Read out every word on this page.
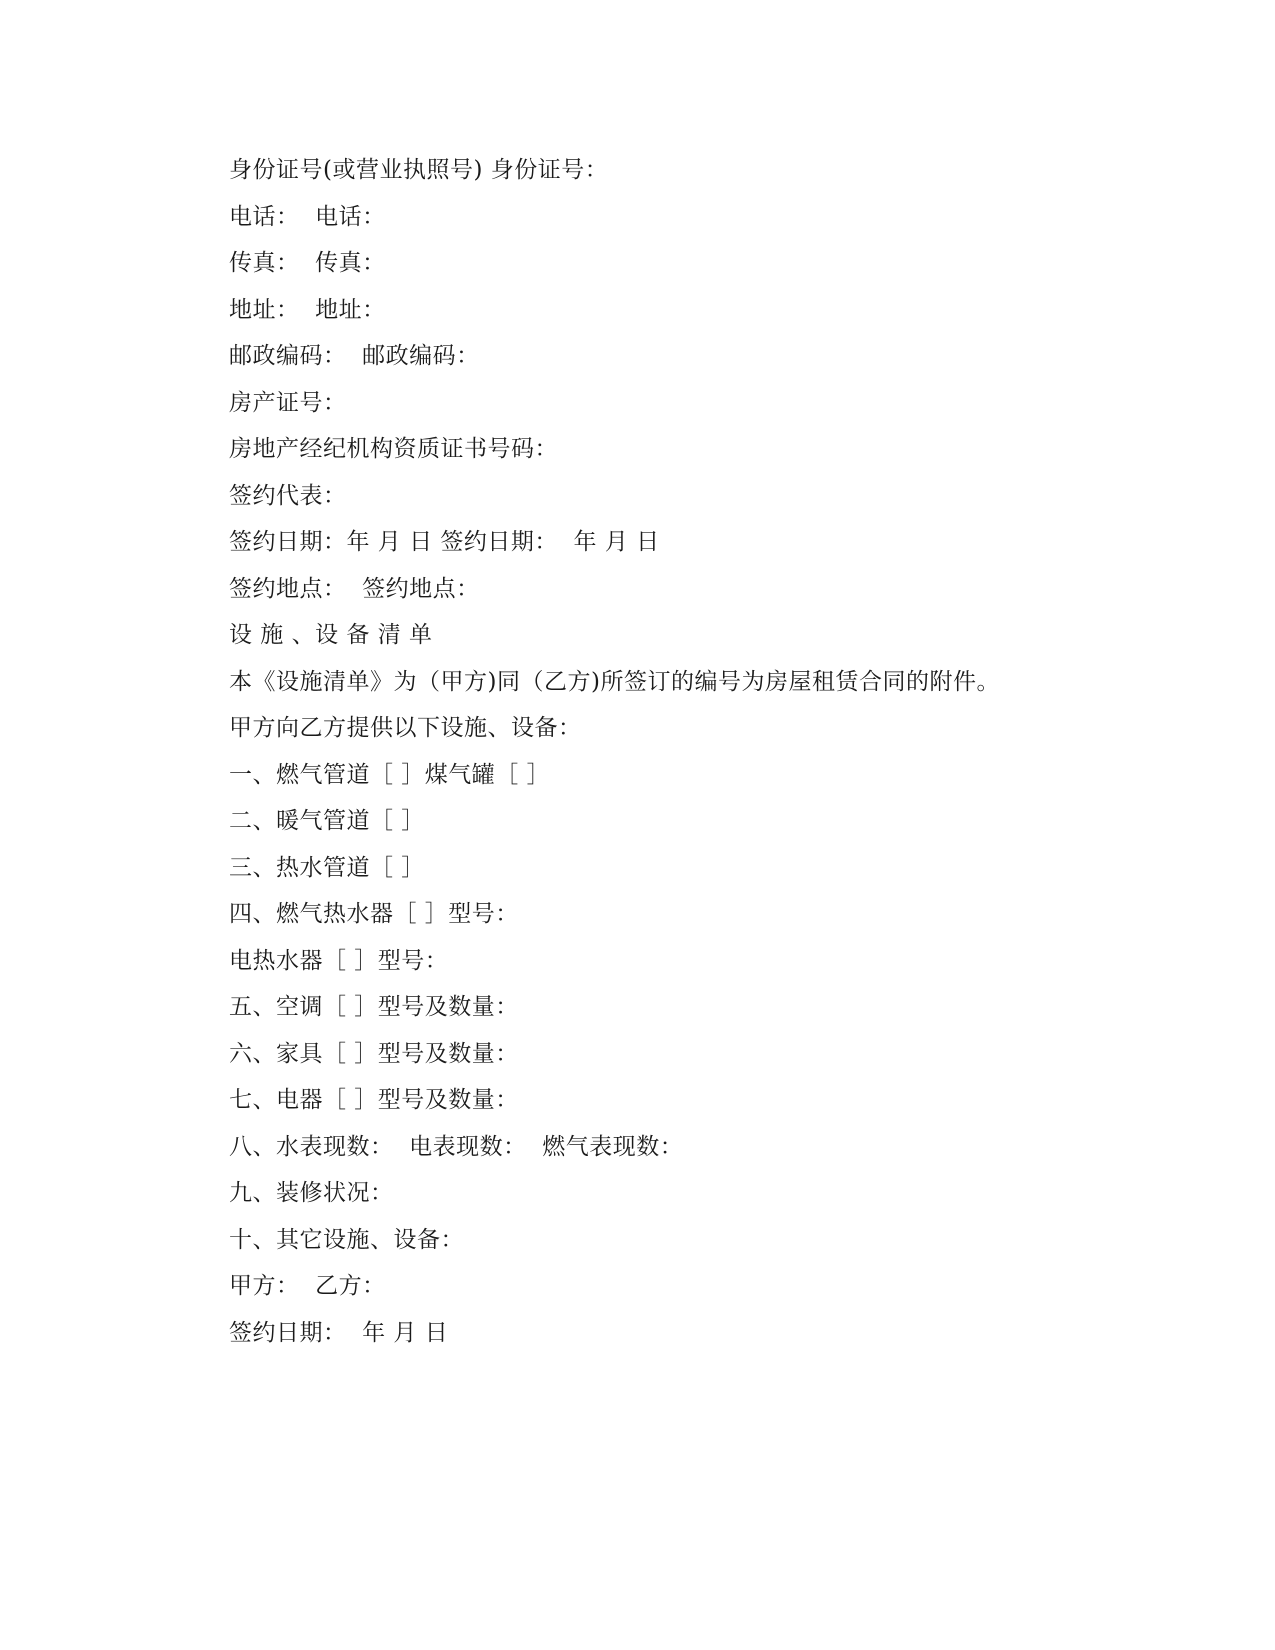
身份证号(或营业执照号) 身份证号：
电话：  电话：
传真：  传真：
地址：  地址：
邮政编码：  邮政编码：
房产证号：
房地产经纪机构资质证书号码：
签约代表：
签约日期：年 月 日 签约日期：  年 月 日
签约地点：  签约地点：
设 施 、设 备 清 单
本《设施清单》为（甲方)同（乙方)所签订的编号为房屋租赁合同的附件。
甲方向乙方提供以下设施、设备：
一、燃气管道［ ］煤气罐［ ］
二、暖气管道［ ］
三、热水管道［ ］
四、燃气热水器［ ］型号：
电热水器［ ］型号：
五、空调［ ］型号及数量：
六、家具［ ］型号及数量：
七、电器［ ］型号及数量：
八、水表现数：  电表现数：  燃气表现数：
九、装修状况：
十、其它设施、设备：
甲方：  乙方：
签约日期：  年 月 日
